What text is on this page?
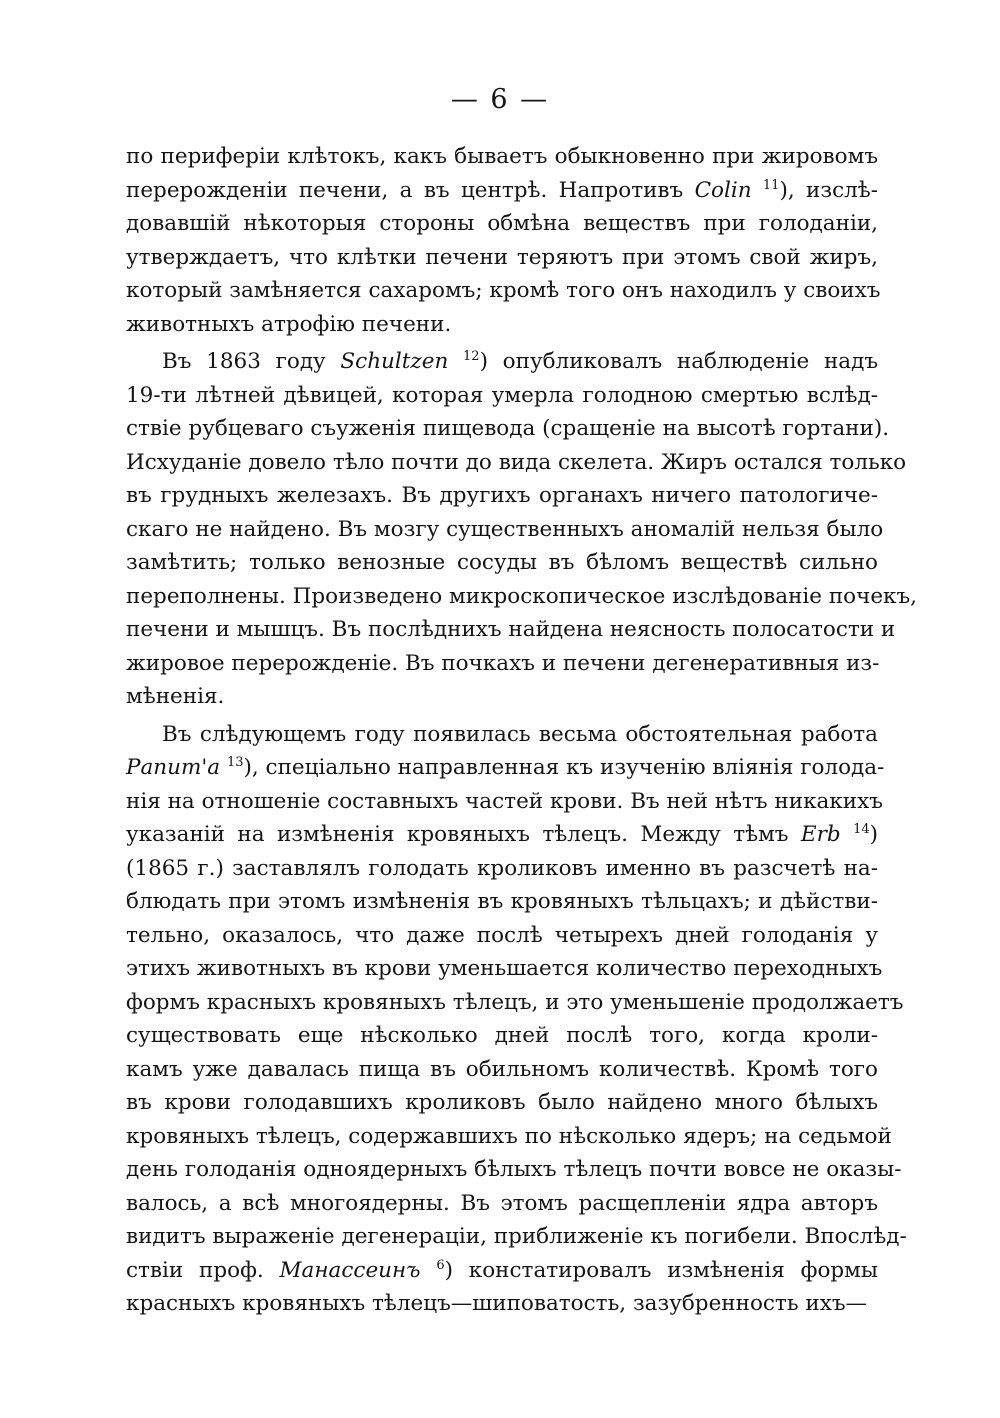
— 6 —
по периферіи клѣтокъ, какъ бываетъ обыкновенно при жировомъ
перерожденіи печени, а въ центрѣ. Напротивъ Colin $^{11}$), изслѣ-
довавшій нѣкоторыя стороны обмѣна веществъ при голоданіи,
утверждаетъ, что клѣтки печени теряютъ при этомъ свой жиръ,
который замѣняется сахаромъ; кромѣ того онъ находилъ у своихъ
животныхъ атрофію печени.
Въ 1863 году Schultzen $^{12}$) опубликовалъ наблюденіе надъ
19-ти лѣтней дѣвицей, которая умерла голодною смертью вслѣд-
ствіе рубцеваго съуженія пищевода (сращеніе на высотѣ гортани).
Исхуданіе довело тѣло почти до вида скелета. Жиръ остался только
въ грудныхъ железахъ. Въ другихъ органахъ ничего патологиче-
скаго не найдено. Въ мозгу существенныхъ аномалій нельзя было
замѣтить; только венозные сосуды въ бѣломъ веществѣ сильно
переполнены. Произведено микроскопическое изслѣдованіе почекъ,
печени и мышцъ. Въ послѣднихъ найдена неясность полосатости и
жировое перерожденіе. Въ почкахъ и печени дегенеративныя из-
мѣненія.
Въ слѣдующемъ году появилась весьма обстоятельная работа
Рапит'a $^{13}$), спеціально направленная къ изученію вліянія голода-
нія на отношеніе составныхъ частей крови. Въ ней нѣтъ никакихъ
указаній на измѣненія кровяныхъ тѣлецъ. Между тѣмъ Erb $^{14}$)
(1865 г.) заставлялъ голодать кроликовъ именно въ разсчетѣ на-
блюдать при этомъ измѣненія въ кровяныхъ тѣльцахъ; и дѣйстви-
тельно, оказалось, что даже послѣ четырехъ дней голоданія у
этихъ животныхъ въ крови уменьшается количество переходныхъ
формъ красныхъ кровяныхъ тѣлецъ, и это уменьшеніе продолжаетъ
существовать еще нѣсколько дней послѣ того, когда кроли-
камъ уже давалась пища въ обильномъ количествѣ. Кромѣ того
въ крови голодавшихъ кроликовъ было найдено много бѣлыхъ
кровяныхъ тѣлецъ, содержавшихъ по нѣсколько ядеръ; на седьмой
день голоданія одноядерныхъ бѣлыхъ тѣлецъ почти вовсе не оказы-
валось, а всѣ многоядерны. Въ этомъ расщепленіи ядра авторъ
видитъ выраженіе дегенераціи, приближеніе къ погибели. Впослѣд-
ствіи проф. Манассеинъ $^6$) констатировалъ измѣненія формы
красныхъ кровяныхъ тѣлецъ—шиповатость, зазубренность ихъ—
